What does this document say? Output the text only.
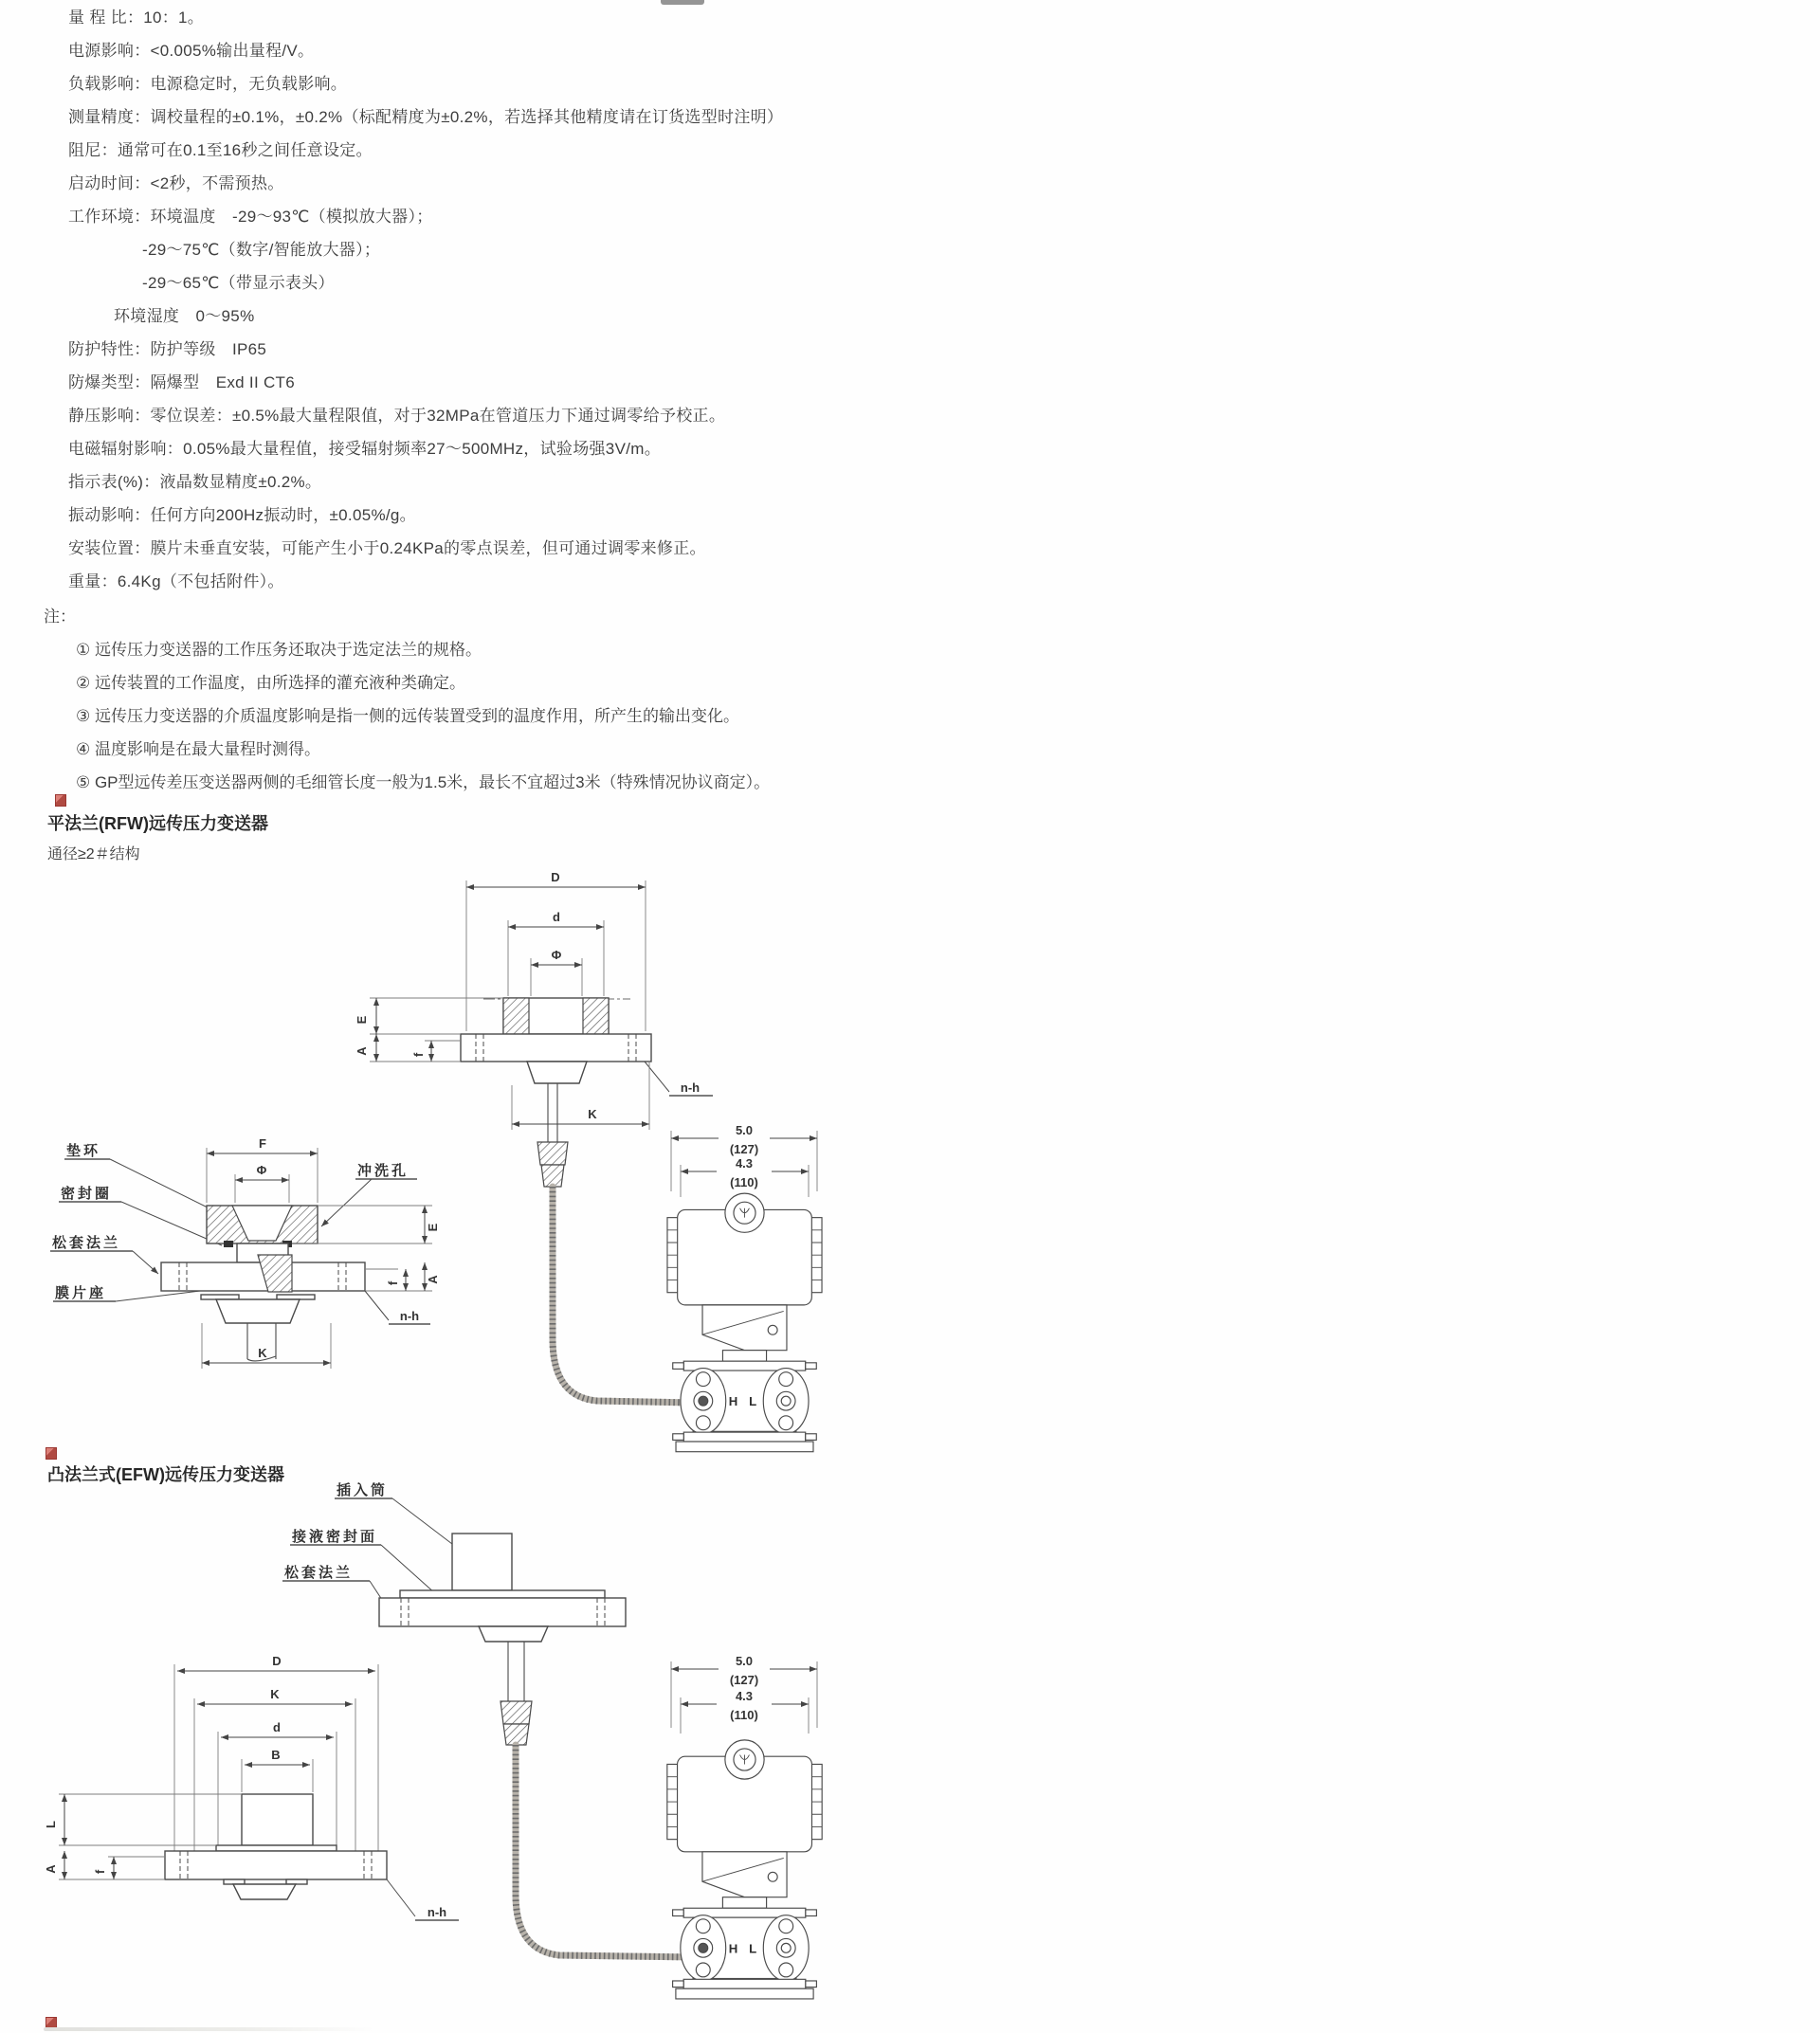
量 程 比：10：1。
电源影响：<0.005%输出量程/V。
负载影响：电源稳定时，无负载影响。
测量精度：调校量程的±0.1%，±0.2%（标配精度为±0.2%，若选择其他精度请在订货选型时注明）
阻尼：通常可在0.1至16秒之间任意设定。
启动时间：<2秒，不需预热。
工作环境：环境温度　-29～93℃（模拟放大器）；
-29～75℃（数字/智能放大器）；
-29～65℃（带显示表头）
环境湿度　0～95%
防护特性：防护等级　IP65
防爆类型：隔爆型　Exd II CT6
静压影响：零位误差：±0.5%最大量程限值，对于32MPa在管道压力下通过调零给予校正。
电磁辐射影响：0.05%最大量程值，接受辐射频率27～500MHz，试验场强3V/m。
指示表(%)：液晶数显精度±0.2%。
振动影响：任何方向200Hz振动时，±0.05%/g。
安装位置：膜片未垂直安装，可能产生小于0.24KPa的零点误差，但可通过调零来修正。
重量：6.4Kg（不包括附件）。
注：
① 远传压力变送器的工作压务还取决于选定法兰的规格。
② 远传装置的工作温度，由所选择的灌充液种类确定。
③ 远传压力变送器的介质温度影响是指一侧的远传装置受到的温度作用，所产生的输出变化。
④ 温度影响是在最大量程时测得。
⑤ GP型远传差压变送器两侧的毛细管长度一般为1.5米，最长不宜超过3米（特殊情况协议商定）。
平法兰(RFW)远传压力变送器
通径≥2＃结构
D
d
Φ
E
A	f
n-h
K
垫环
密封圈
松套法兰
膜片座
F
Φ	冲洗孔
E
A
f
n-h
K
5.0
(127)
4.3
(110)
凸法兰式(EFW)远传压力变送器
插入筒
接液密封面
松套法兰
D
K
d
B
L
A	f
n-h
5.0
(127)
4.3
(110)
